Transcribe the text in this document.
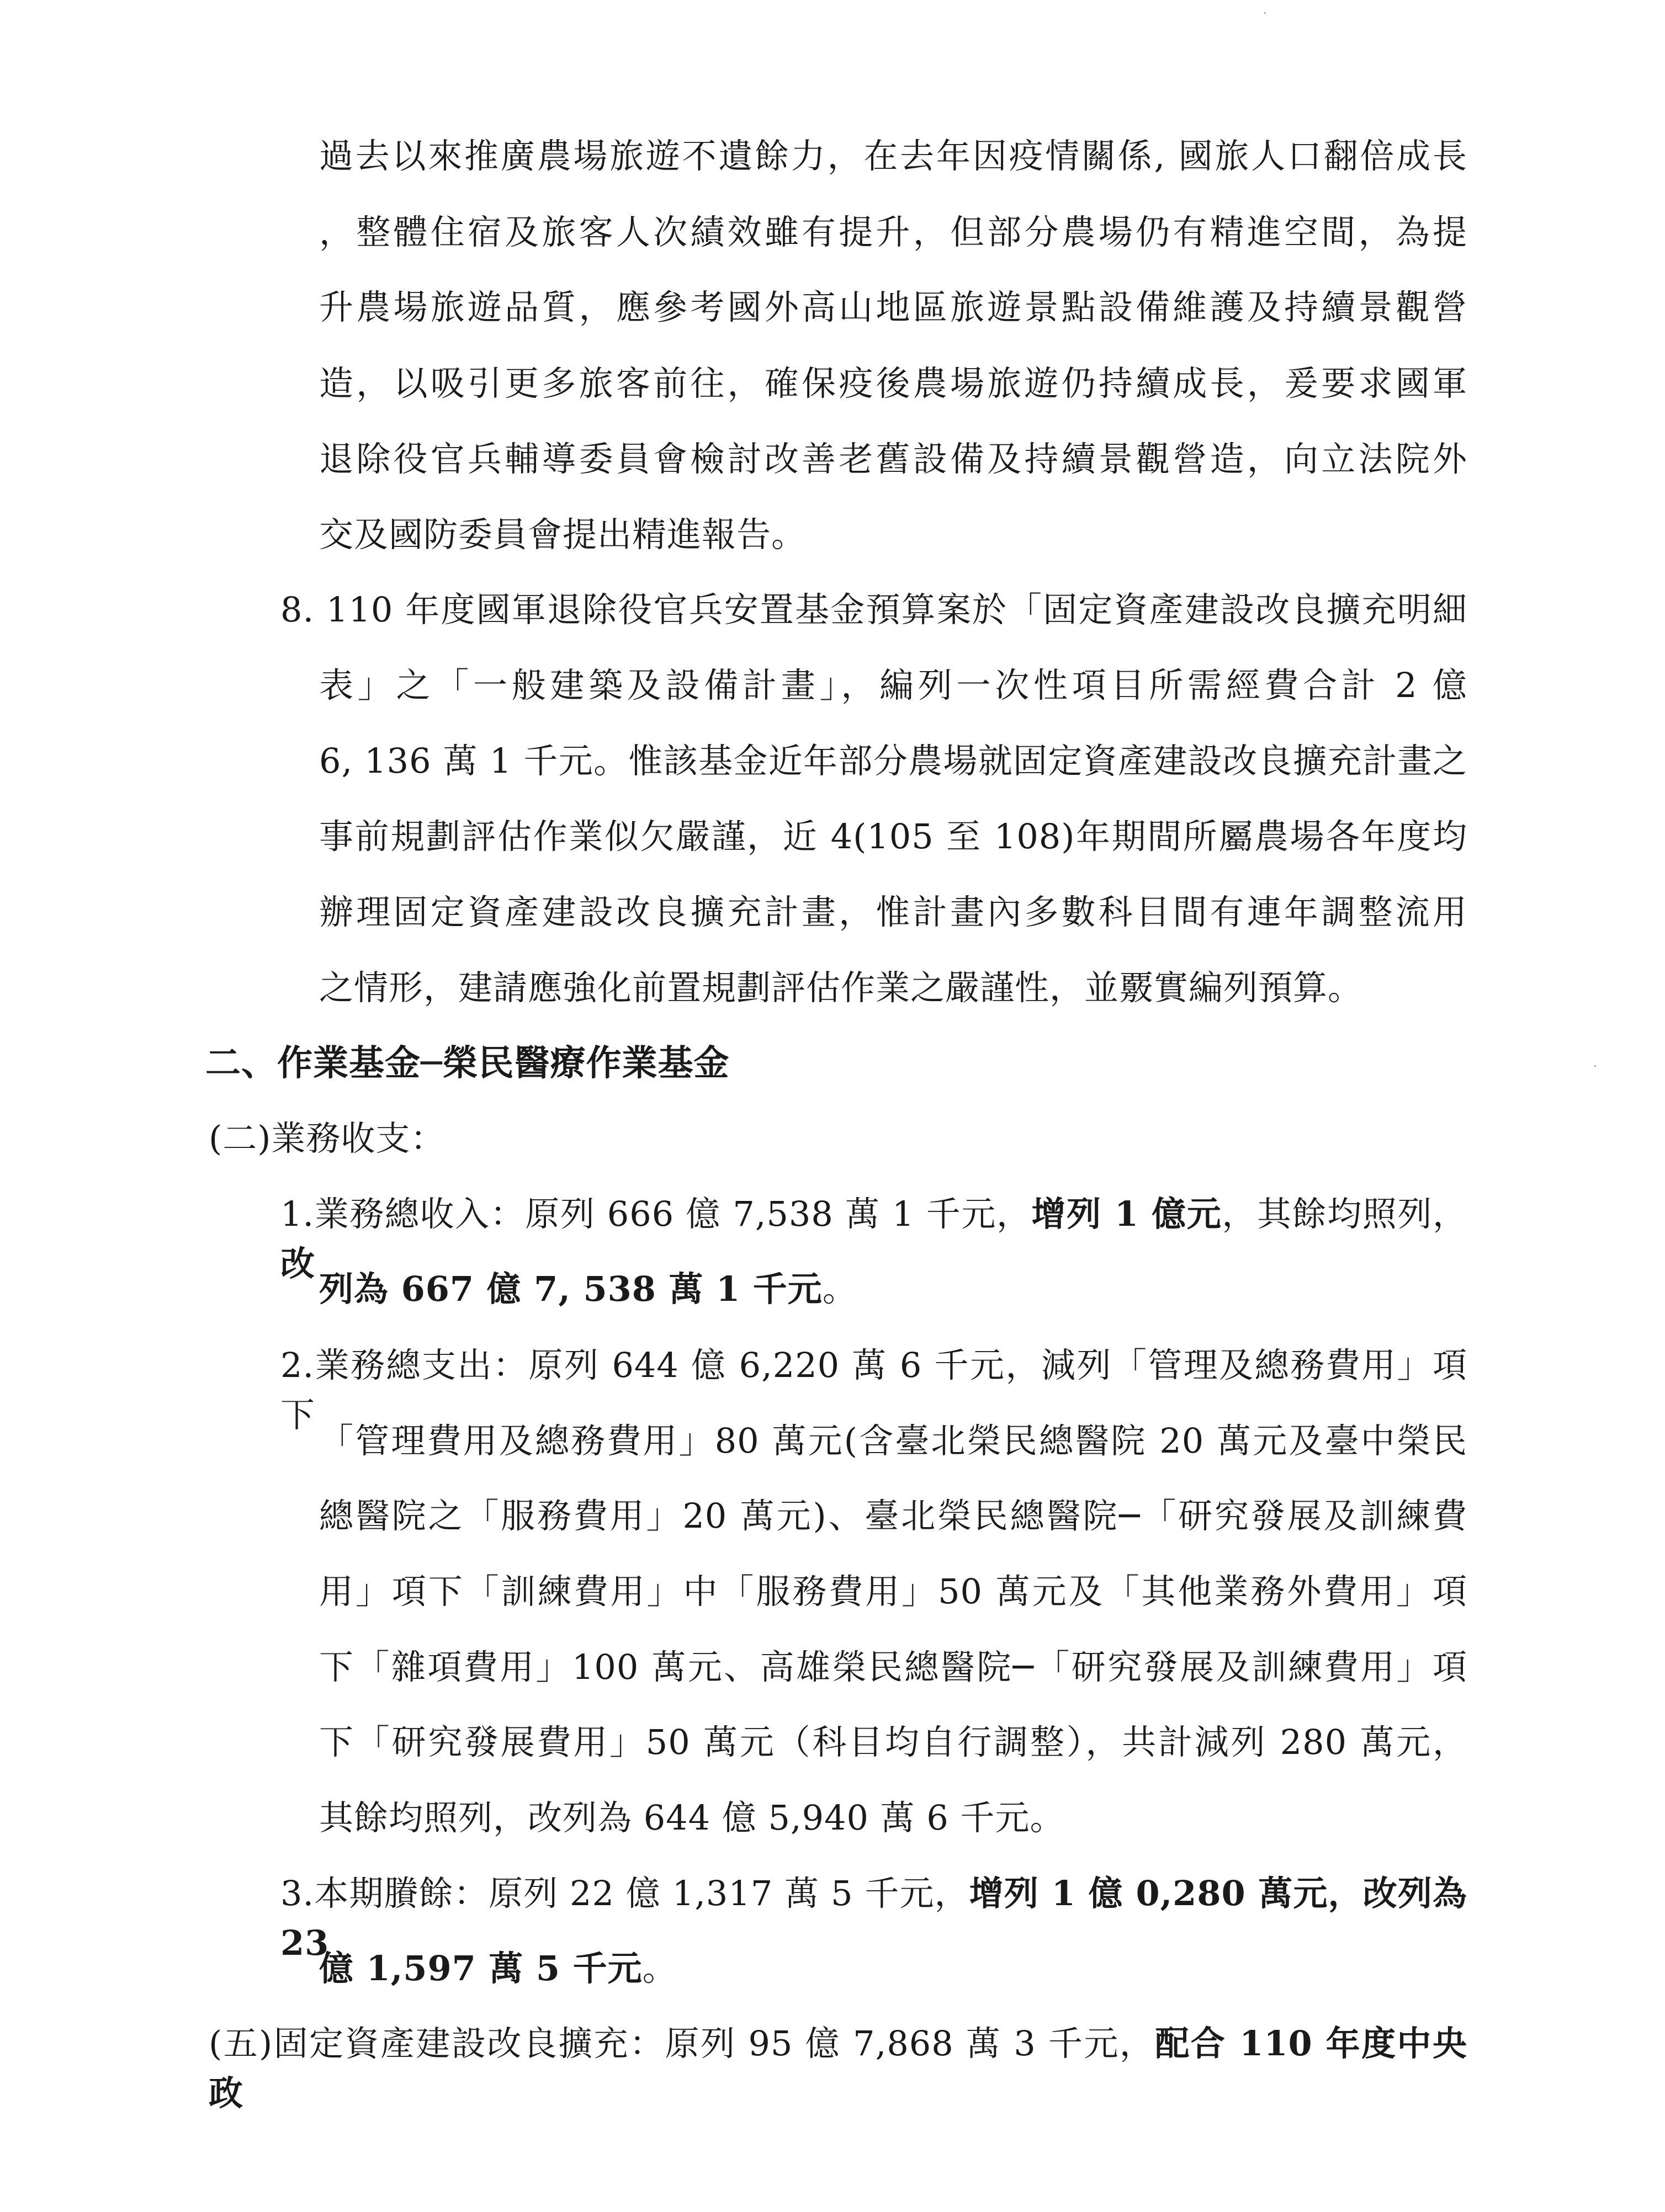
過去以來推廣農場旅遊不遺餘力，在去年因疫情關係, 國旅人口翻倍成長
，整體住宿及旅客人次績效雖有提升，但部分農場仍有精進空間，為提
升農場旅遊品質，應參考國外高山地區旅遊景點設備維護及持續景觀營
造，以吸引更多旅客前往，確保疫後農場旅遊仍持續成長，爰要求國軍
退除役官兵輔導委員會檢討改善老舊設備及持續景觀營造，向立法院外
交及國防委員會提出精進報告。
8. 110 年度國軍退除役官兵安置基金預算案於「固定資產建設改良擴充明細
表」之「一般建築及設備計畫」，編列一次性項目所需經費合計 2 億
6, 136 萬 1 千元。惟該基金近年部分農場就固定資產建設改良擴充計畫之
事前規劃評估作業似欠嚴謹，近 4(105 至 108)年期間所屬農場各年度均
辦理固定資產建設改良擴充計畫，惟計畫內多數科目間有連年調整流用
之情形，建請應強化前置規劃評估作業之嚴謹性，並覈實編列預算。
二、作業基金─榮民醫療作業基金
(二)業務收支：
1.業務總收入：原列 666 億 7,538 萬 1 千元，增列 1 億元，其餘均照列，改
列為 667 億 7, 538 萬 1 千元。
2.業務總支出：原列 644 億 6,220 萬 6 千元，減列「管理及總務費用」項下
「管理費用及總務費用」80 萬元(含臺北榮民總醫院 20 萬元及臺中榮民
總醫院之「服務費用」20 萬元)、臺北榮民總醫院─「研究發展及訓練費
用」項下「訓練費用」中「服務費用」50 萬元及「其他業務外費用」項
下「雜項費用」100 萬元、高雄榮民總醫院─「研究發展及訓練費用」項
下「研究發展費用」50 萬元（科目均自行調整），共計減列 280 萬元，
其餘均照列，改列為 644 億 5,940 萬 6 千元。
3.本期賸餘：原列 22 億 1,317 萬 5 千元，增列 1 億 0,280 萬元，改列為 23
億 1,597 萬 5 千元。
(五)固定資產建設改良擴充：原列 95 億 7,868 萬 3 千元，配合 110 年度中央政
